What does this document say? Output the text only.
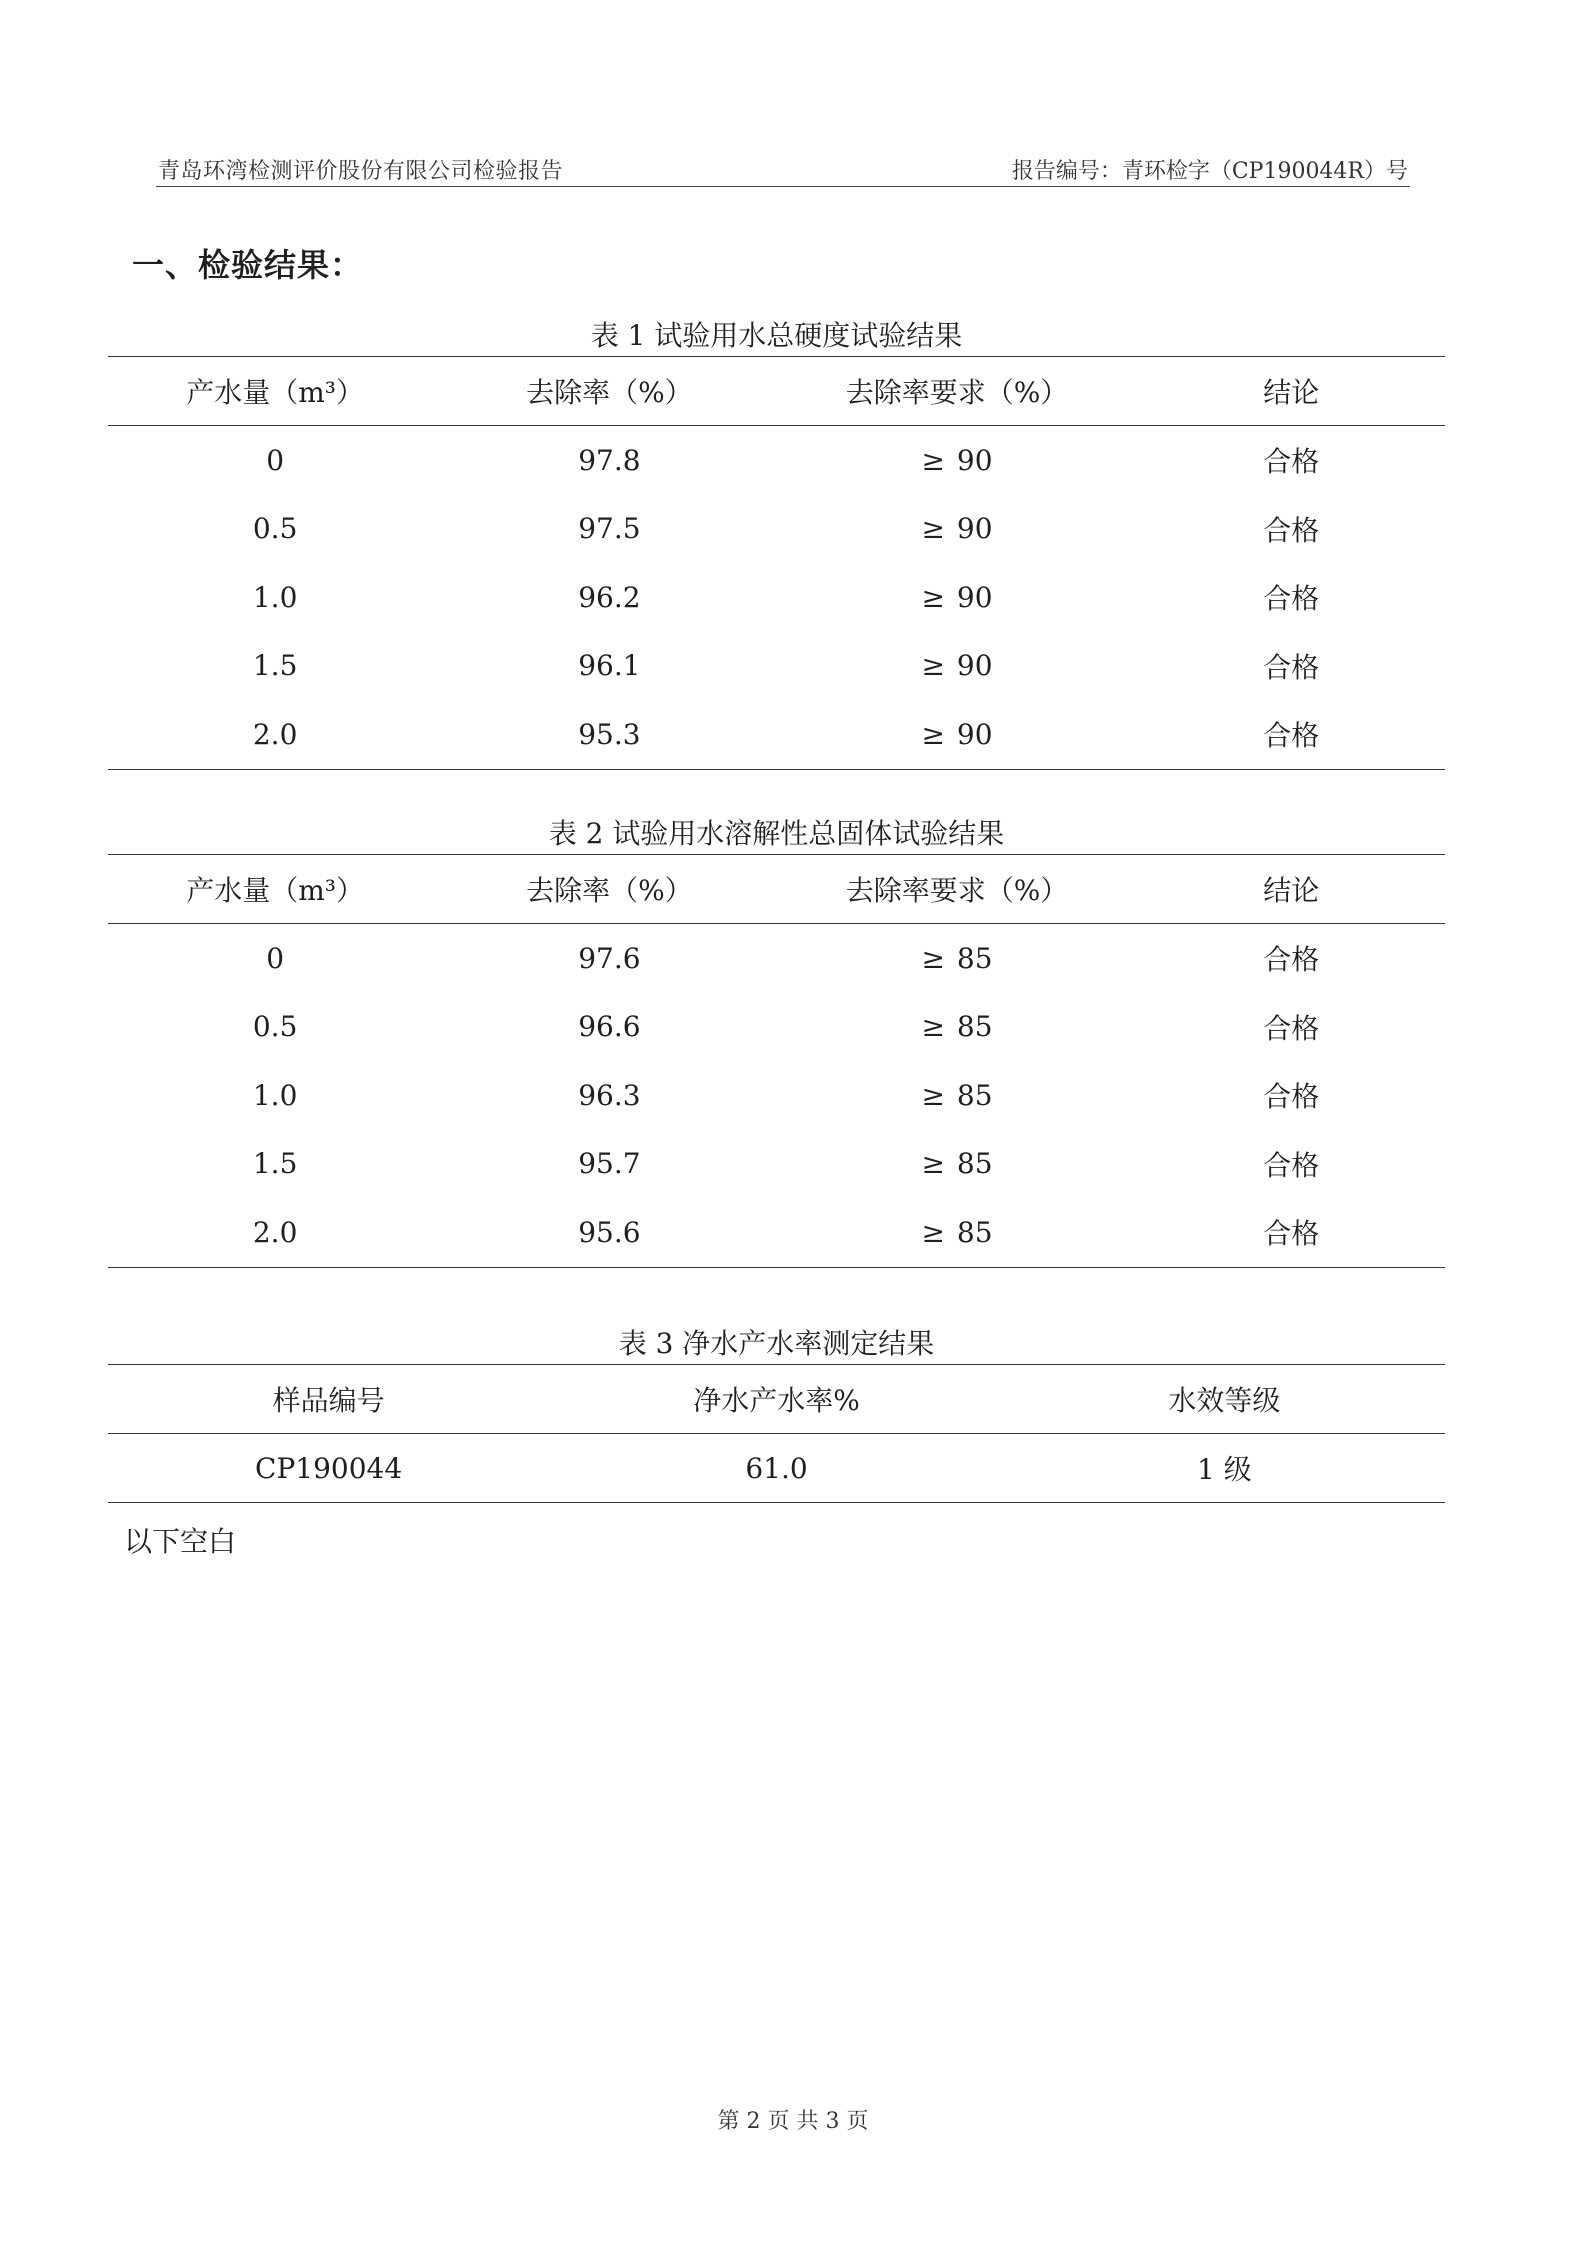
青岛环湾检测评价股份有限公司检验报告	报告编号：青环检字（CP190044R）号
一、检验结果：
表 1 试验用水总硬度试验结果
产水量（m³）	去除率（%）	去除率要求（%）	结论
0	97.8	≥ 90	合格
0.5	97.5	≥ 90	合格
1.0	96.2	≥ 90	合格
1.5	96.1	≥ 90	合格
2.0	95.3	≥ 90	合格
表 2 试验用水溶解性总固体试验结果
产水量（m³）	去除率（%）	去除率要求（%）	结论
0	97.6	≥ 85	合格
0.5	96.6	≥ 85	合格
1.0	96.3	≥ 85	合格
1.5	95.7	≥ 85	合格
2.0	95.6	≥ 85	合格
表 3 净水产水率测定结果
样品编号	净水产水率%	水效等级
CP190044	61.0	1 级
以下空白
第 2 页 共 3 页
